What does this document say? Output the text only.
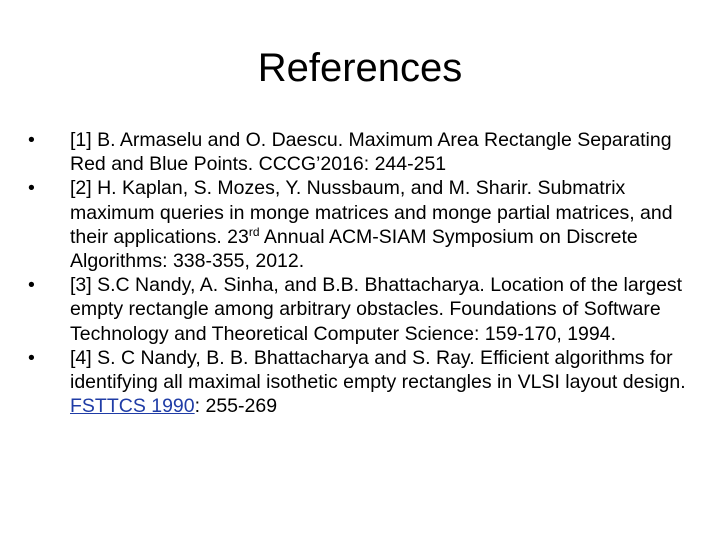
References
•	[1] B. Armaselu and O. Daescu. Maximum Area Rectangle Separating Red and Blue Points. CCCG’2016: 244-251
•	[2] H. Kaplan, S. Mozes, Y. Nussbaum, and M. Sharir. Submatrix maximum queries in monge matrices and monge partial matrices, and their applications. 23rd Annual ACM-SIAM Symposium on Discrete Algorithms: 338-355, 2012.
•	[3] S.C Nandy, A. Sinha, and B.B. Bhattacharya. Location of the largest empty rectangle among arbitrary obstacles. Foundations of Software Technology and Theoretical Computer Science: 159-170, 1994.
•	[4] S. C Nandy, B. B. Bhattacharya and S. Ray. Efficient algorithms for identifying all maximal isothetic empty rectangles in VLSI layout design. FSTTCS 1990: 255-269
